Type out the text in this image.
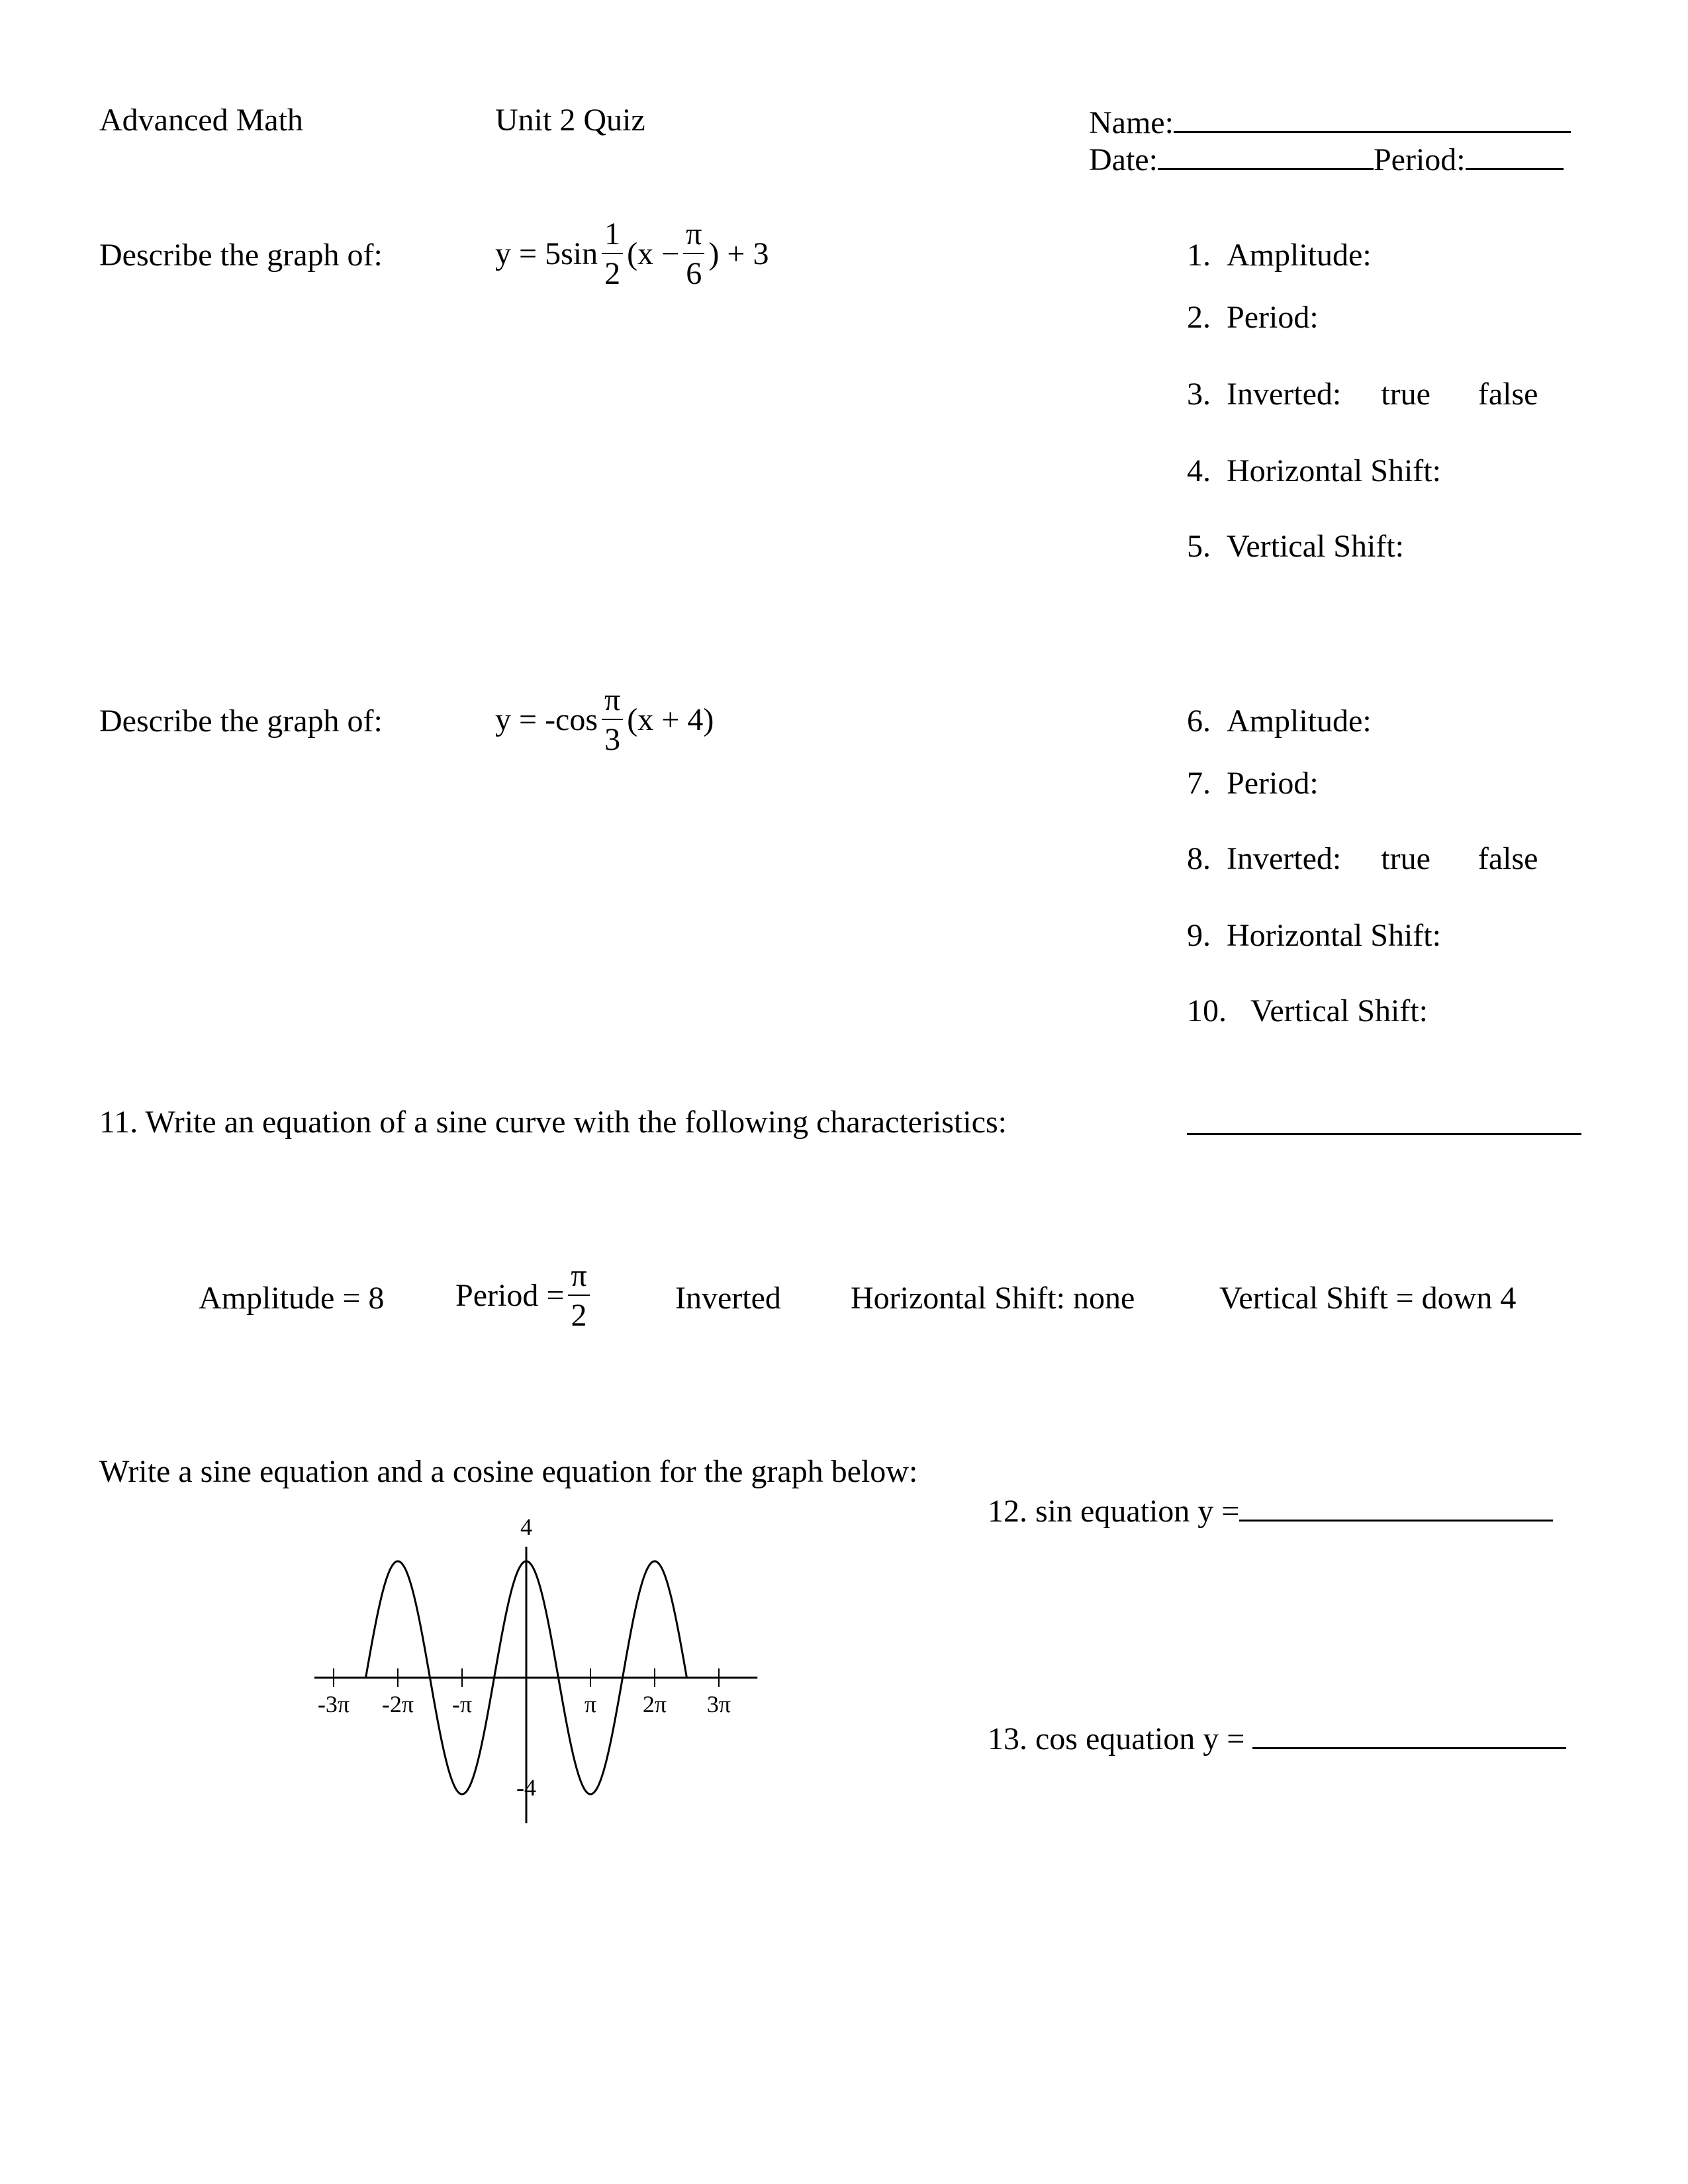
Advanced Math	Unit 2 Quiz	Name:
Date:	Period:
Describe the graph of:	$y = 5\sin \frac{1}{2} (x - \frac{\pi}{6}$ ) + 3	1. Amplitude:
2. Period:
3. Inverted: true false
4. Horizontal Shift:
5. Vertical Shift:
Describe the graph of:	$y = -\cos \frac{\pi}{3} (x + 4)$	6. Amplitude:
7. Period:
8. Inverted: true false
9. Horizontal Shift:
10. Vertical Shift:
11. Write an equation of a sine curve with the following characteristics:
Amplitude = 8 Period = $\frac{\pi}{2}$	Inverted Horizontal Shift: none	Vertical Shift = down 4
Write a sine equation and a cosine equation for the graph below:
12. sin equation y =
13. cos equation y =
-3π -2π -π	π 2π 3π
4
-4
